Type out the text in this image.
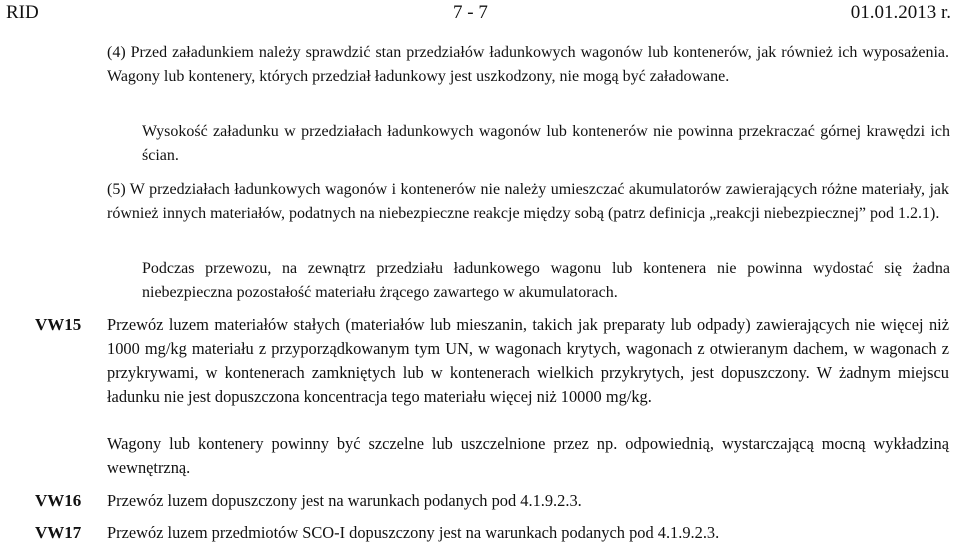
RID	7 - 7	01.01.2013 r.
(4) Przed załadunkiem należy sprawdzić stan przedziałów ładunkowych wagonów lub kontenerów, jak również ich wyposażenia. Wagony lub kontenery, których przedział ładunkowy jest uszkodzony, nie mogą być załadowane.
Wysokość załadunku w przedziałach ładunkowych wagonów lub kontenerów nie powinna przekraczać górnej krawędzi ich ścian.
(5) W przedziałach ładunkowych wagonów i kontenerów nie należy umieszczać akumulatorów zawierających różne materiały, jak również innych materiałów, podatnych na niebezpieczne reakcje między sobą (patrz definicja „reakcji niebezpiecznej” pod 1.2.1).
Podczas przewozu, na zewnątrz przedziału ładunkowego wagonu lub kontenera nie powinna wydostać się żadna niebezpieczna pozostałość materiału żrącego zawartego w akumulatorach.
VW15 Przewóz luzem materiałów stałych (materiałów lub mieszanin, takich jak preparaty lub odpady) zawierających nie więcej niż 1000 mg/kg materiału z przyporządkowanym tym UN, w wagonach krytych, wagonach z otwieranym dachem, w wagonach z przykrywami, w kontenerach zamkniętych lub w kontenerach wielkich przykrytych, jest dopuszczony. W żadnym miejscu ładunku nie jest dopuszczona koncentracja tego materiału więcej niż 10000 mg/kg.
Wagony lub kontenery powinny być szczelne lub uszczelnione przez np. odpowiednią, wystarczającą mocną wykładziną wewnętrzną.
VW16 Przewóz luzem dopuszczony jest na warunkach podanych pod 4.1.9.2.3.
VW17 Przewóz luzem przedmiotów SCO-I dopuszczony jest na warunkach podanych pod 4.1.9.2.3.
